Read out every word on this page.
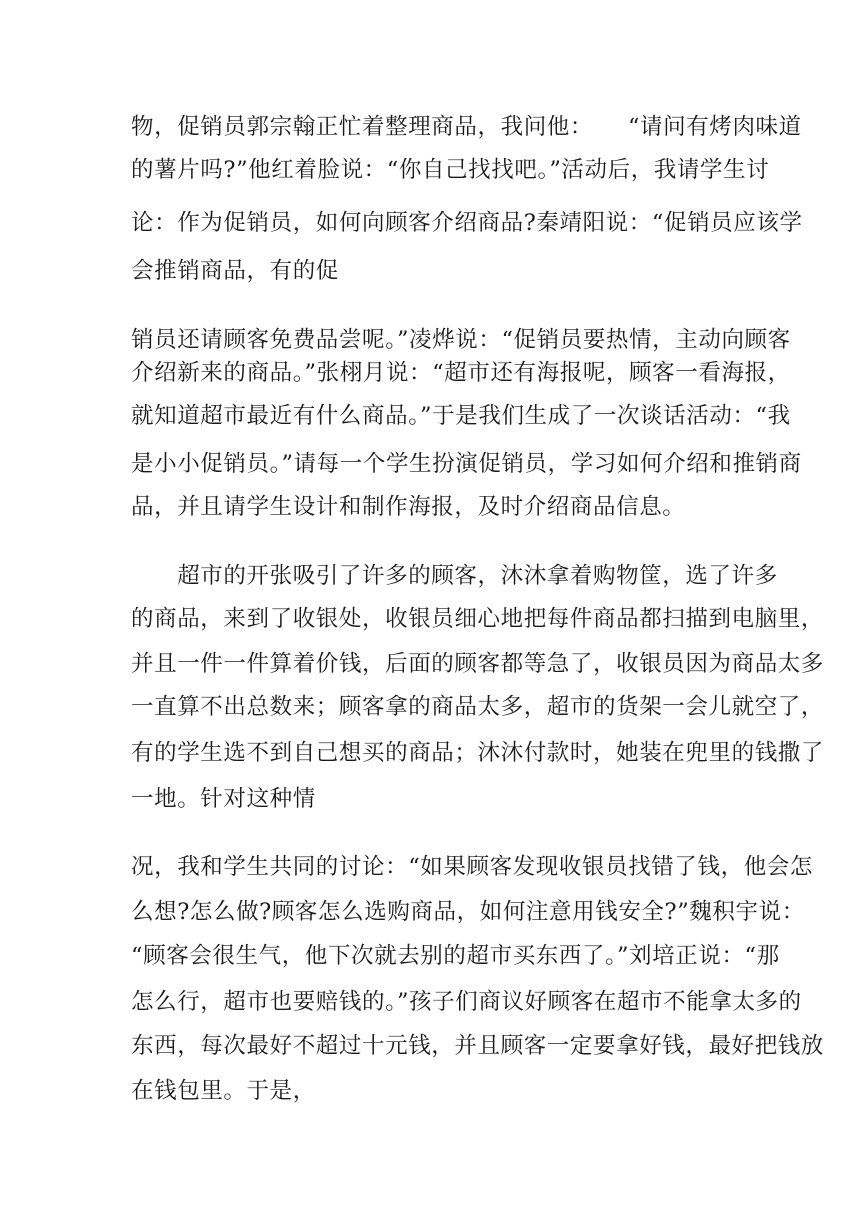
物，促销员郭宗翰正忙着整理商品，我问他：　　“请问有烤肉味道
的薯片吗?”他红着脸说：“你自己找找吧。”活动后，我请学生讨
论：作为促销员，如何向顾客介绍商品?秦靖阳说：“促销员应该学
会推销商品，有的促
销员还请顾客免费品尝呢。”凌烨说：“促销员要热情，主动向顾客
介绍新来的商品。”张栩月说：“超市还有海报呢，顾客一看海报，
就知道超市最近有什么商品。”于是我们生成了一次谈话活动：“我
是小小促销员。”请每一个学生扮演促销员，学习如何介绍和推销商
品，并且请学生设计和制作海报，及时介绍商品信息。
　　超市的开张吸引了许多的顾客，沐沐拿着购物筐，选了许多
的商品，来到了收银处，收银员细心地把每件商品都扫描到电脑里，
并且一件一件算着价钱，后面的顾客都等急了，收银员因为商品太多
一直算不出总数来；顾客拿的商品太多，超市的货架一会儿就空了，
有的学生选不到自己想买的商品；沐沐付款时，她装在兜里的钱撒了
一地。针对这种情
况，我和学生共同的讨论：“如果顾客发现收银员找错了钱，他会怎
么想?怎么做?顾客怎么选购商品，如何注意用钱安全?”魏积宇说：
“顾客会很生气，他下次就去别的超市买东西了。”刘培正说：“那
怎么行，超市也要赔钱的。”孩子们商议好顾客在超市不能拿太多的
东西，每次最好不超过十元钱，并且顾客一定要拿好钱，最好把钱放
在钱包里。于是，
